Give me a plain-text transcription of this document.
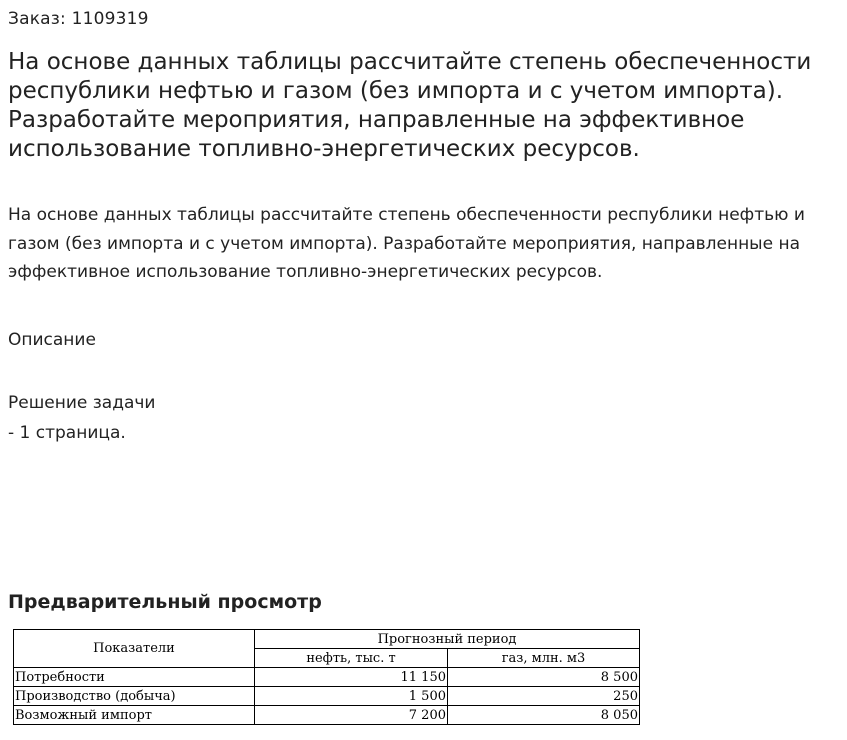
Заказ: 1109319
На основе данных таблицы рассчитайте степень обеспеченности республики нефтью и газом (без импорта и с учетом импорта). Разработайте мероприятия, направленные на эффективное использование топливно-энергетических ресурсов.

На основе данных таблицы рассчитайте степень обеспеченности республики нефтью и газом (без импорта и с учетом импорта). Разработайте мероприятия, направленные на эффективное использование топливно-энергетических ресурсов.

Описание
Решение задачи
- 1 страница.
Предварительный просмотр
Показатели	Прогнозный период	
	нефть, тыс. т	газ, млн. м3
Потребности	11 150	8 500
Производство (добыча)	1 500	250
Возможный импорт	7 200	8 050
